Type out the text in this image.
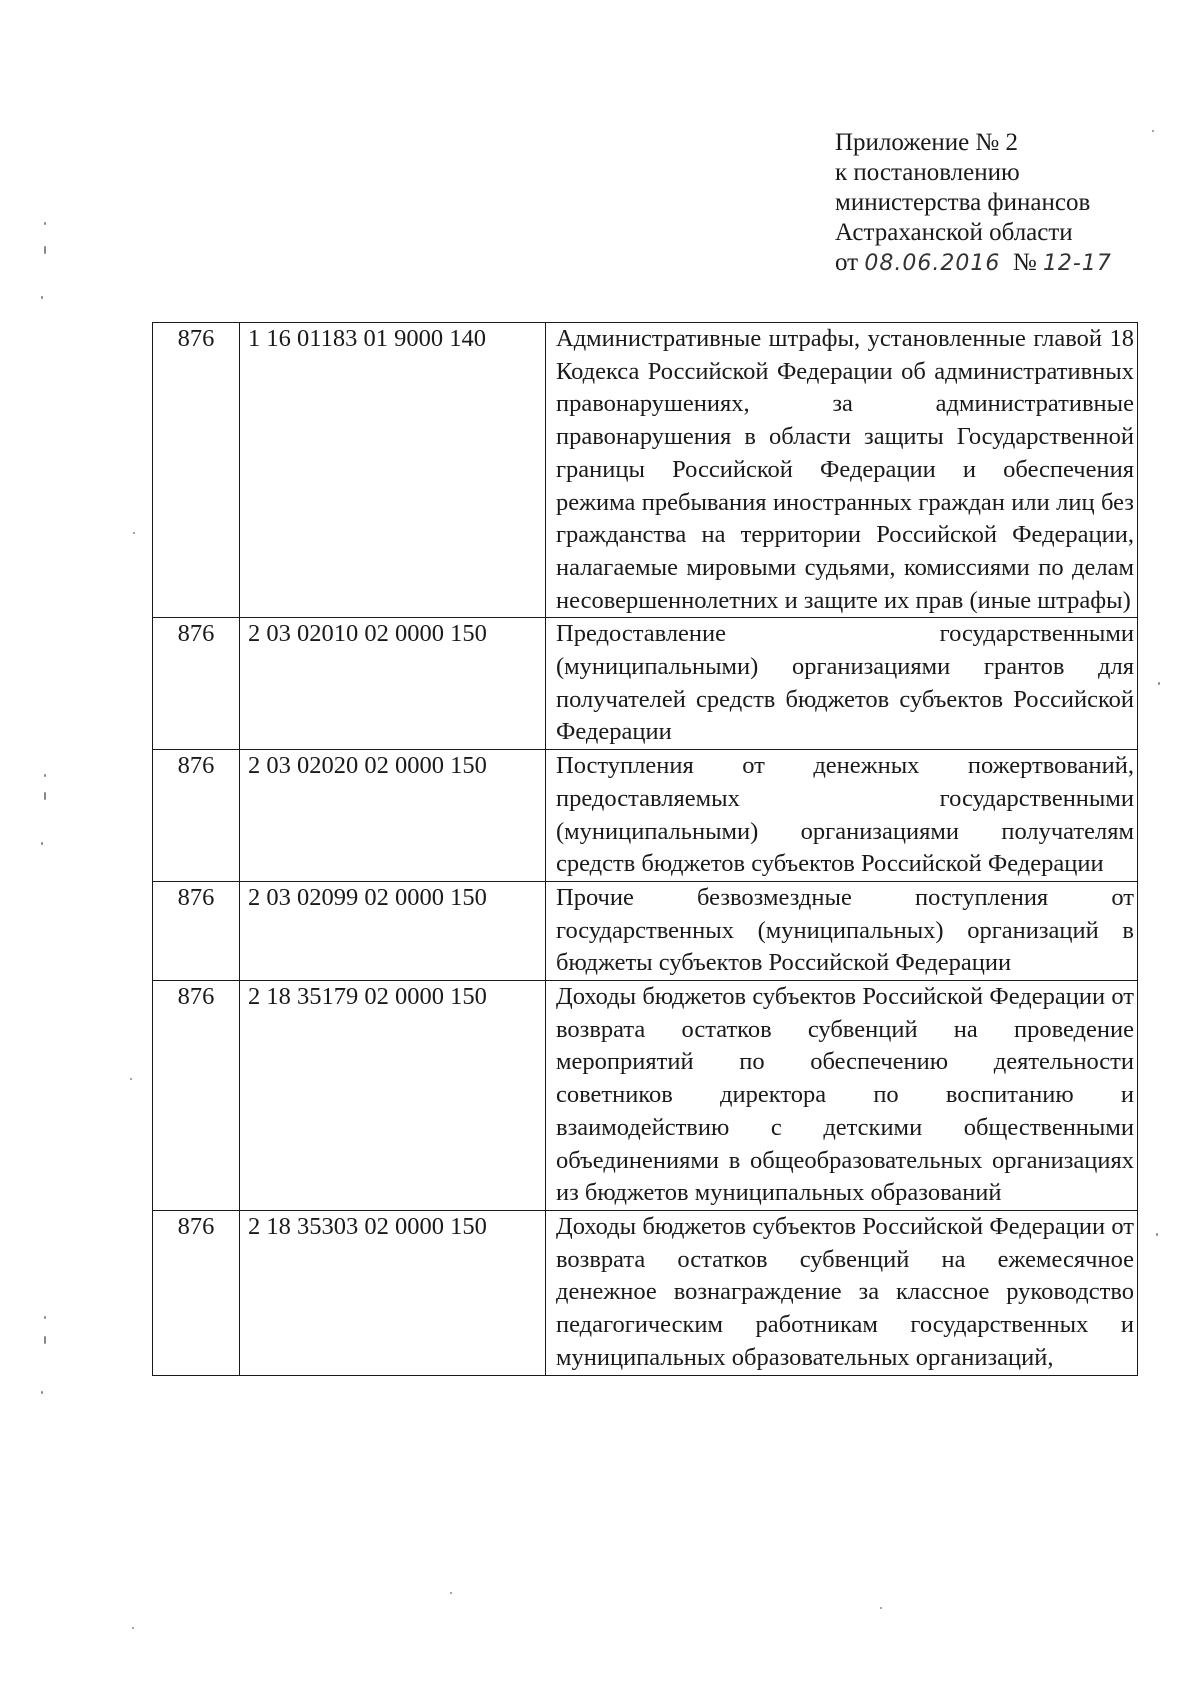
Приложение № 2
к постановлению
министерства финансов
Астраханской области
от 08.06.2016 № 12-17
876	1 16 01183 01 9000 140	Административные штрафы, установленные главой 18 Кодекса Российской Федерации об административных правонарушениях, за административные правонарушения в области защиты Государственной границы Российской Федерации и обеспечения режима пребывания иностранных граждан или лиц без гражданства на территории Российской Федерации, налагаемые мировыми судьями, комиссиями по делам несовершеннолетних и защите их прав (иные штрафы)
876	2 03 02010 02 0000 150	Предоставление государственными (муниципальными) организациями грантов для получателей средств бюджетов субъектов Российской Федерации
876	2 03 02020 02 0000 150	Поступления от денежных пожертвований, предоставляемых государственными (муниципальными) организациями получателям средств бюджетов субъектов Российской Федерации
876	2 03 02099 02 0000 150	Прочие безвозмездные поступления от государственных (муниципальных) организаций в бюджеты субъектов Российской Федерации
876	2 18 35179 02 0000 150	Доходы бюджетов субъектов Российской Федерации от возврата остатков субвенций на проведение мероприятий по обеспечению деятельности советников директора по воспитанию и взаимодействию с детскими общественными объединениями в общеобразовательных организациях из бюджетов муниципальных образований
876	2 18 35303 02 0000 150	Доходы бюджетов субъектов Российской Федерации от возврата остатков субвенций на ежемесячное денежное вознаграждение за классное руководство педагогическим работникам государственных и муниципальных образовательных организаций,
